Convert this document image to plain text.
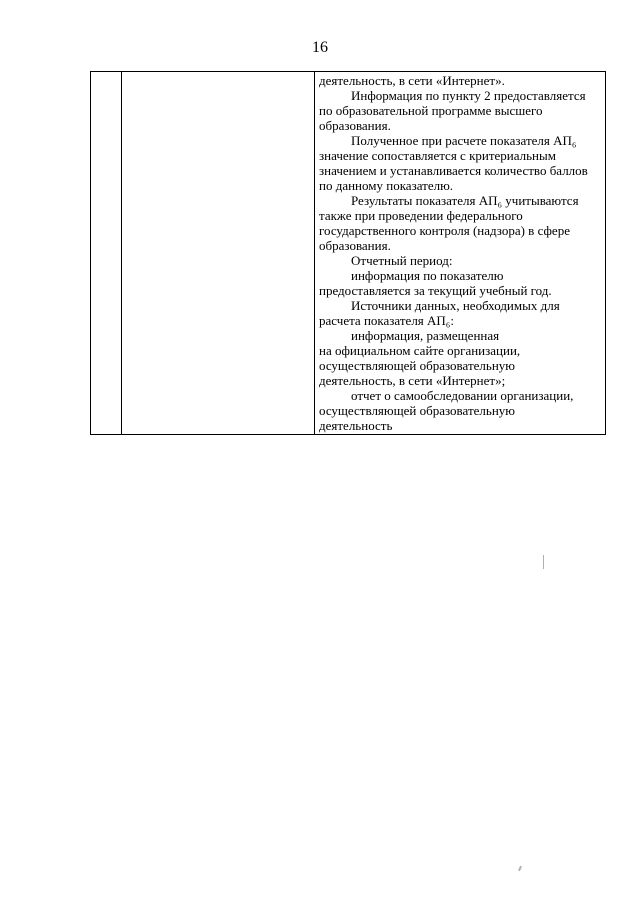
16

деятельность, в сети «Интернет».

Информация по пункту 2 предоставляется

по образовательной программе высшего

образования.

Полученное при расчете показателя АП₆

значение сопоставляется с критериальным

значением и устанавливается количество баллов

по данному показателю.

Результаты показателя АП₆ учитываются

также при проведении федерального

государственного контроля (надзора) в сфере

образования.

Отчетный период:

информация по показателю

предоставляется за текущий учебный год.

Источники данных, необходимых для

расчета показателя АП₆:

информация, размещенная

на официальном сайте организации,

осуществляющей образовательную

деятельность, в сети «Интернет»;

отчет о самообследовании организации,

осуществляющей образовательную

деятельность
